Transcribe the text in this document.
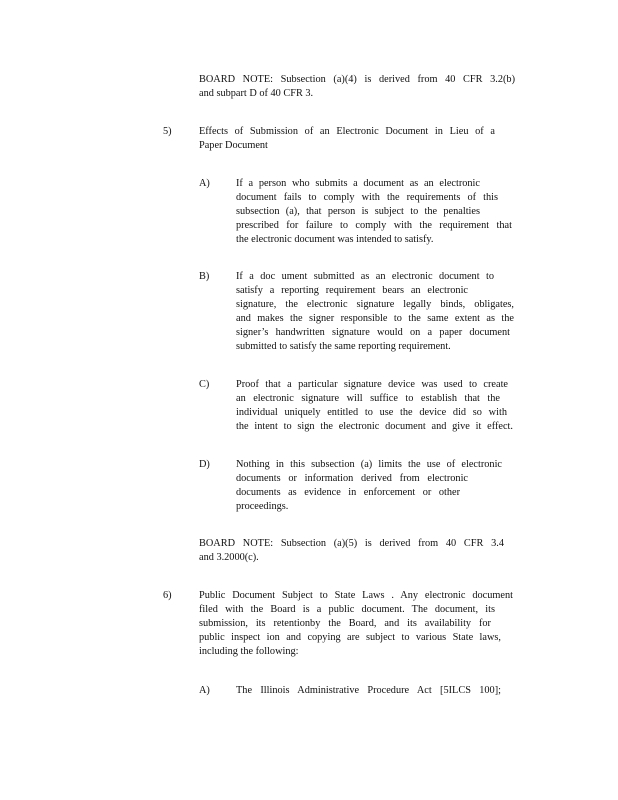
BOARD NOTE: Subsection (a)(4) is derived from 40 CFR 3.2(b)

and subpart D of 40 CFR 3.

5)	Effects of Submission of an Electronic Document in Lieu of a

Paper Document

A)	If a person who submits a document as an electronic

document fails to comply with the requirements of this

subsection (a), that person is subject to the penalties

prescribed for failure to comply with the requirement that

the electronic document was intended to satisfy.

B)	If a doc ument submitted as an electronic document to

satisfy a reporting requirement bears an electronic

signature, the electronic signature legally binds, obligates,

and makes the signer responsible to the same extent as the

signer’s handwritten signature would on a paper document

submitted to satisfy the same reporting requirement.

C)	Proof that a particular signature device was used to create

an electronic signature will suffice to establish that the

individual uniquely entitled to use the device did so with

the intent to sign the electronic document and give it effect.

D)	Nothing in this subsection (a) limits the use of electronic

documents or information derived from electronic

documents as evidence in enforcement or other

proceedings.

BOARD NOTE: Subsection (a)(5) is derived from 40 CFR 3.4

and 3.2000(c).

6)	Public Document Subject to State Laws . Any electronic document

filed with the Board is a public document. The document, its

submission, its retentionby the Board, and its availability for

public inspect ion and copying are subject to various State laws,

including the following:

A)	The Illinois Administrative Procedure Act [5ILCS 100];
